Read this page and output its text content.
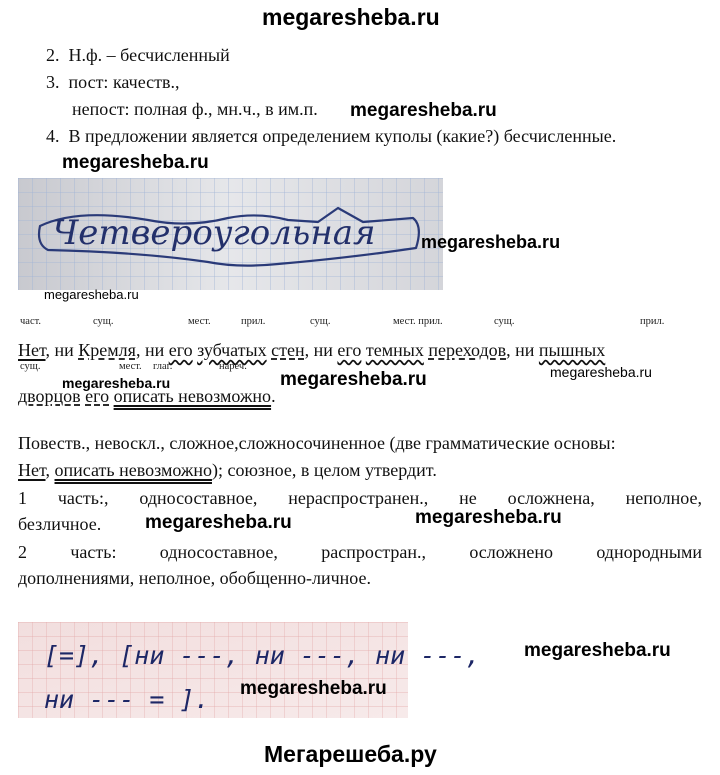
megaresheba.ru
2. Н.ф. – бесчисленный
3. пост: качеств.,
непост: полная ф., мн.ч., в им.п.
4. В предложении является определением куполы (какие?) бесчисленные.
megaresheba.ru
megaresheba.ru
Четвероугольная	megaresheba.ru
megaresheba.ru
част.	сущ.	мест.	прил.	сущ.	мест. прил.	сущ.	прил.
Нет, ни Кремля, ни его зубчатых стен, ни его темных переходов, ни пышных
сущ.	мест. глаг.	нареч.
megaresheba.ru	megaresheba.ru	megaresheba.ru
дворцов его описать невозможно.
Повеств., невоскл., сложное,сложносочиненное (две грамматические основы:
Нет, описать невозможно); союзное, в целом утвердит.
1 часть:, односоставное, нераспространен., не осложнена, неполное,
безличное. megaresheba.ru	megaresheba.ru
2 часть: односоставное, распростран., осложнено однородными
дополнениями, неполное, обобщенно-личное.
[=], [ни ---, ни ---, ни ---,
ни --- = ].
megaresheba.ru
megaresheba.ru
Мегарешеба.ру
